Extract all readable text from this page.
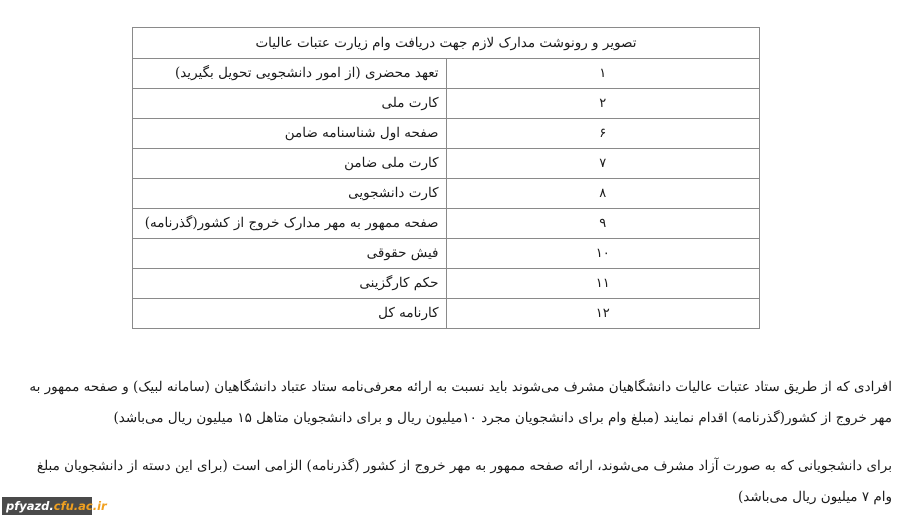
تصویر و رونوشت مدارک لازم جهت دریافت وام زیارت عتبات عالیات	
۱	تعهد محضری (از امور دانشجویی تحویل بگیرید)
۲	کارت ملی
۶	صفحه اول شناسنامه ضامن
۷	کارت ملی ضامن
۸	کارت دانشجویی
۹	صفحه ممهور به مهر مدارک خروج از کشور(گذرنامه)
۱۰	فیش حقوقی
۱۱	حکم کارگزینی
۱۲	کارنامه کل

افرادی که از طریق ستاد عتبات عالیات دانشگاهیان مشرف می‌شوند باید نسبت به ارائه معرفی‌نامه ستاد عتباد دانشگاهیان (سامانه لبیک) و صفحه ممهور به مهر خروج از کشور(گذرنامه) اقدام نمایند (مبلغ وام برای دانشجویان مجرد ۱۰میلیون ریال و برای دانشجویان متاهل ۱۵ میلیون ریال می‌باشد)

برای دانشجویانی که به صورت آزاد مشرف می‌شوند، ارائه صفحه ممهور به مهر خروج از کشور (گذرنامه) الزامی است (برای این دسته از دانشجویان مبلغ وام ۷ میلیون ریال می‌باشد)

pfyazd.cfu.ac.ir
